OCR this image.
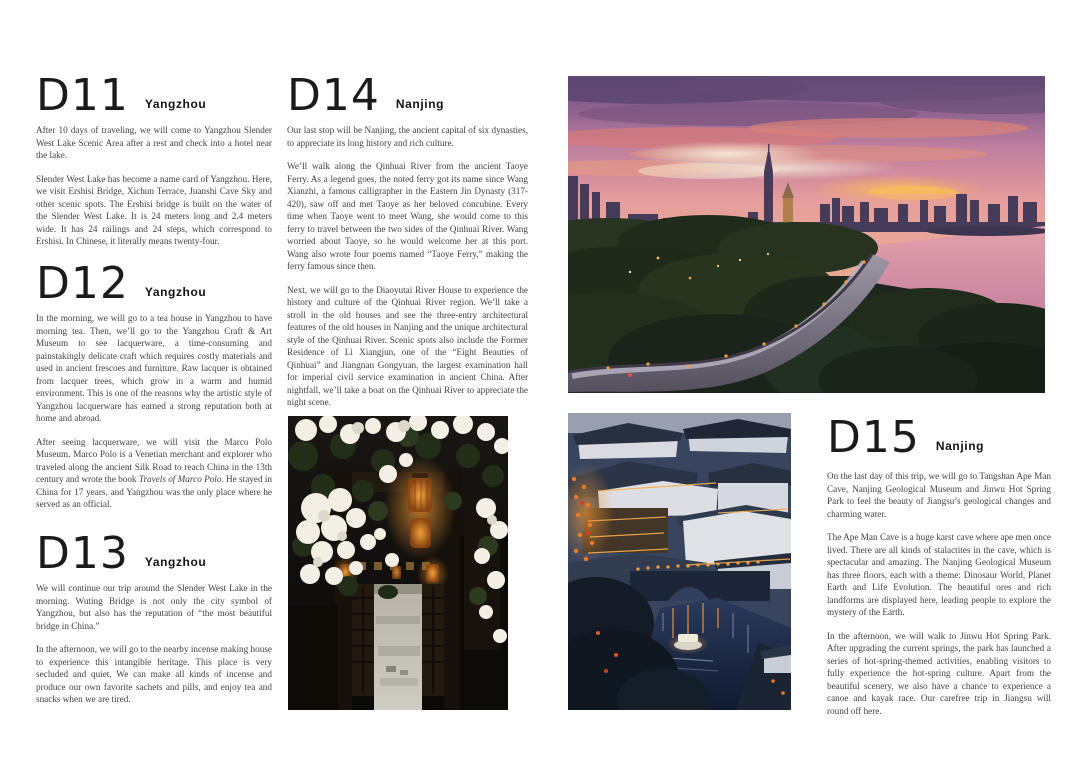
D11 Yangzhou

After 10 days of traveling, we will come to Yangzhou Slender West Lake Scenic Area after a rest and check into a hotel near the lake.

Slender West Lake has become a name card of Yangzhou. Here, we visit Ershisi Bridge, Xichun Terrace, Juanshi Cave Sky and other scenic spots. The Ershisi bridge is built on the water of the Slender West Lake. It is 24 meters long and 2.4 meters wide. It has 24 railings and 24 steps, which correspond to Ershisi. In Chinese, it literally means twenty-four.

D12 Yangzhou

In the morning, we will go to a tea house in Yangzhou to have morning tea. Then, we’ll go to the Yangzhou Craft & Art Museum to see lacquerware, a time-consuming and painstakingly delicate craft which requires costly materials and used in ancient frescoes and furniture. Raw lacquer is obtained from lacquer trees, which grow in a warm and humid environment. This is one of the reasons why the artistic style of Yangzhou lacquerware has earned a strong reputation both at home and abroad.

After seeing lacquerware, we will visit the Marco Polo Museum. Marco Polo is a Venetian merchant and explorer who traveled along the ancient Silk Road to reach China in the 13th century and wrote the book Travels of Marco Polo. He stayed in China for 17 years, and Yangzhou was the only place where he served as an official.

D13 Yangzhou

We will continue our trip around the Slender West Lake in the morning. Wuting Bridge is not only the city symbol of Yangzhou, but also has the reputation of “the most beautiful bridge in China.”

In the afternoon, we will go to the nearby incense making house to experience this intangible heritage. This place is very secluded and quiet. We can make all kinds of incense and produce our own favorite sachets and pills, and enjoy tea and snacks when we are tired.

D14 Nanjing

Our last stop will be Nanjing, the ancient capital of six dynasties, to appreciate its long history and rich culture.

We’ll walk along the Qinhuai River from the ancient Taoye Ferry. As a legend goes, the noted ferry got its name since Wang Xianzhi, a famous calligrapher in the Eastern Jin Dynasty (317-420), saw off and met Taoye as her beloved concubine. Every time when Taoye went to meet Wang, she would come to this ferry to travel between the two sides of the Qinhuai River. Wang worried about Taoye, so he would welcome her at this port. Wang also wrote four poems named “Taoye Ferry,” making the ferry famous since then.

Next, we will go to the Diaoyutai River House to experience the history and culture of the Qinhuai River region. We’ll take a stroll in the old houses and see the three-entry architectural features of the old houses in Nanjing and the unique architectural style of the Qinhuai River. Scenic spots also include the Former Residence of Li Xiangjun, one of the “Eight Beauties of Qinhuai” and Jiangnan Gongyuan, the largest examination hall for imperial civil service examination in ancient China. After nightfall, we’ll take a boat on the Qinhuai River to appreciate the night scene.

D15 Nanjing

On the last day of this trip, we will go to Tangshan Ape Man Cave, Nanjing Geological Museum and Jinwu Hot Spring Park to feel the beauty of Jiangsu’s geological changes and charming water.

The Ape Man Cave is a huge karst cave where ape men once lived. There are all kinds of stalactites in the cave, which is spectacular and amazing. The Nanjing Geological Museum has three floors, each with a theme: Dinosaur World, Planet Earth and Life Evolution. The beautiful ores and rich landforms are displayed here, leading people to explore the mystery of the Earth.

In the afternoon, we will walk to Jinwu Hot Spring Park. After upgrading the current springs, the park has launched a series of hot-spring-themed activities, enabling visitors to fully experience the hot-spring culture. Apart from the beautiful scenery, we also have a chance to experience a canoe and kayak race. Our carefree trip in Jiangsu will round off here.
